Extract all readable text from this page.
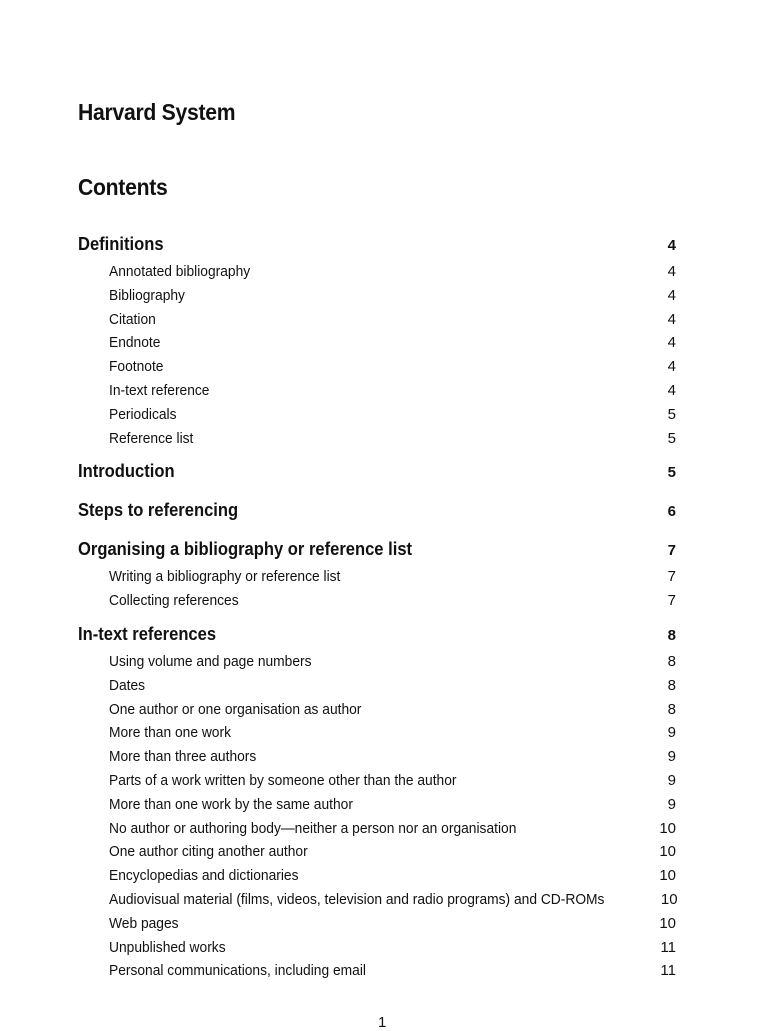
Harvard System
Contents
Definitions	4
Annotated bibliography	4
Bibliography	4
Citation	4
Endnote	4
Footnote	4
In-text reference	4
Periodicals	5
Reference list	5
Introduction	5
Steps to referencing	6
Organising a bibliography or reference list	7
Writing a bibliography or reference list	7
Collecting references	7
In-text references	8
Using volume and page numbers	8
Dates	8
One author or one organisation as author	8
More than one work	9
More than three authors	9
Parts of a work written by someone other than the author	9
More than one work by the same author	9
No author or authoring body—neither a person nor an organisation	10
One author citing another author	10
Encyclopedias and dictionaries	10
Audiovisual material (films, videos, television and radio programs) and CD-ROMs	10
Web pages	10
Unpublished works	11
Personal communications, including email	11
1
